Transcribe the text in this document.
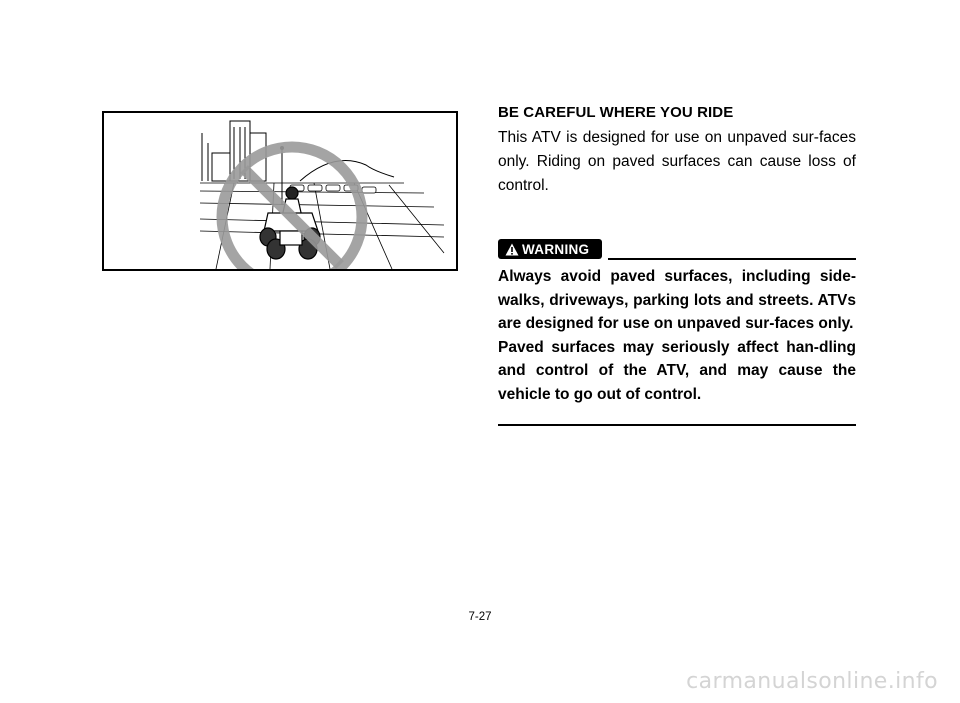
BE CAREFUL WHERE YOU RIDE

This ATV is designed for use on unpaved sur-faces only. Riding on paved surfaces can cause loss of control.

WARNING

Always avoid paved surfaces, including side-walks, driveways, parking lots and streets. ATVs are designed for use on unpaved sur-faces only.

Paved surfaces may seriously affect han-dling and control of the ATV, and may cause the vehicle to go out of control.

7-27
carmanualsonline.info
